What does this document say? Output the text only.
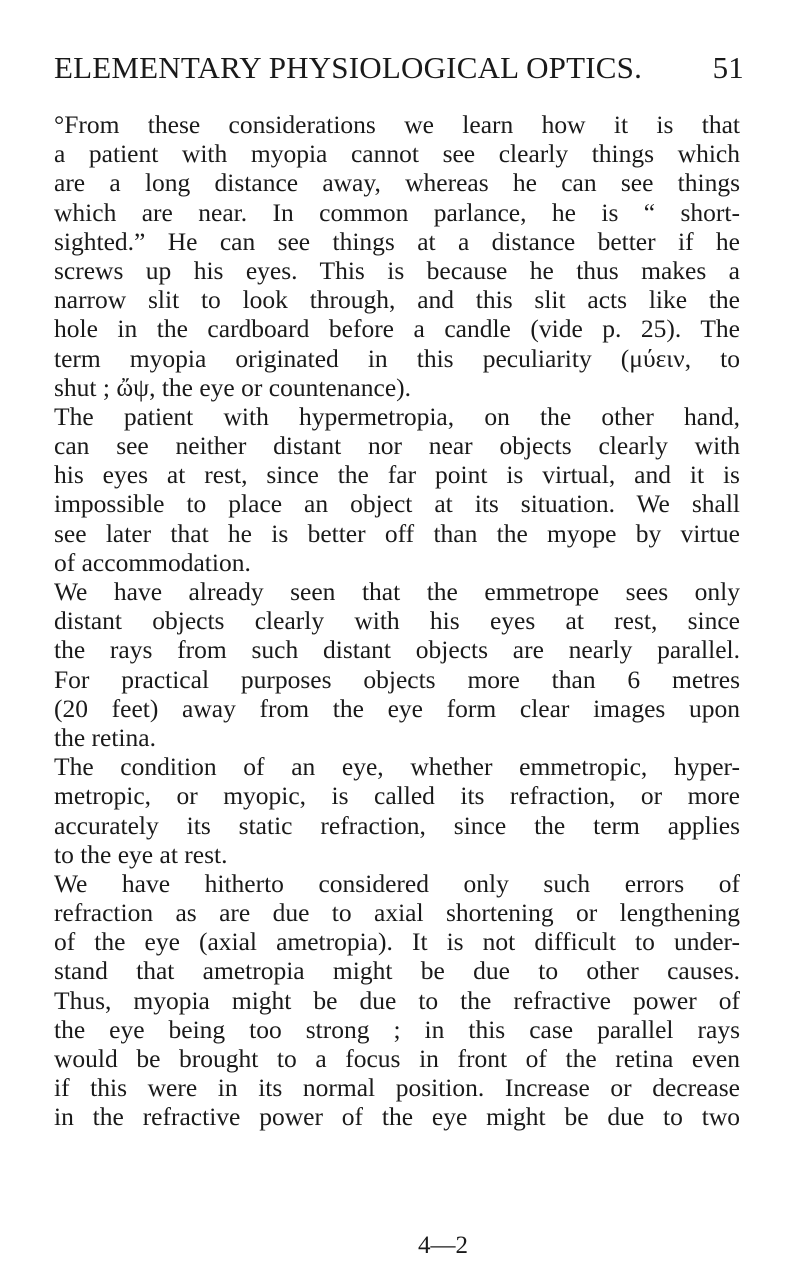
ELEMENTARY PHYSIOLOGICAL OPTICS. 51
°From these considerations we learn how it is that
a patient with myopia cannot see clearly things which
are a long distance away, whereas he can see things
which are near. In common parlance, he is “ short-
sighted.” He can see things at a distance better if he
screws up his eyes. This is because he thus makes a
narrow slit to look through, and this slit acts like the
hole in the cardboard before a candle (vide p. 25). The
term myopia originated in this peculiarity (μύειν, to
shut ; ὤψ, the eye or countenance).
The patient with hypermetropia, on the other hand,
can see neither distant nor near objects clearly with
his eyes at rest, since the far point is virtual, and it is
impossible to place an object at its situation. We shall
see later that he is better off than the myope by virtue
of accommodation.
We have already seen that the emmetrope sees only
distant objects clearly with his eyes at rest, since
the rays from such distant objects are nearly parallel.
For practical purposes objects more than 6 metres
(20 feet) away from the eye form clear images upon
the retina.
The condition of an eye, whether emmetropic, hyper-
metropic, or myopic, is called its refraction, or more
accurately its static refraction, since the term applies
to the eye at rest.
We have hitherto considered only such errors of
refraction as are due to axial shortening or lengthening
of the eye (axial ametropia). It is not difficult to under-
stand that ametropia might be due to other causes.
Thus, myopia might be due to the refractive power of
the eye being too strong ; in this case parallel rays
would be brought to a focus in front of the retina even
if this were in its normal position. Increase or decrease
in the refractive power of the eye might be due to two
4—2
